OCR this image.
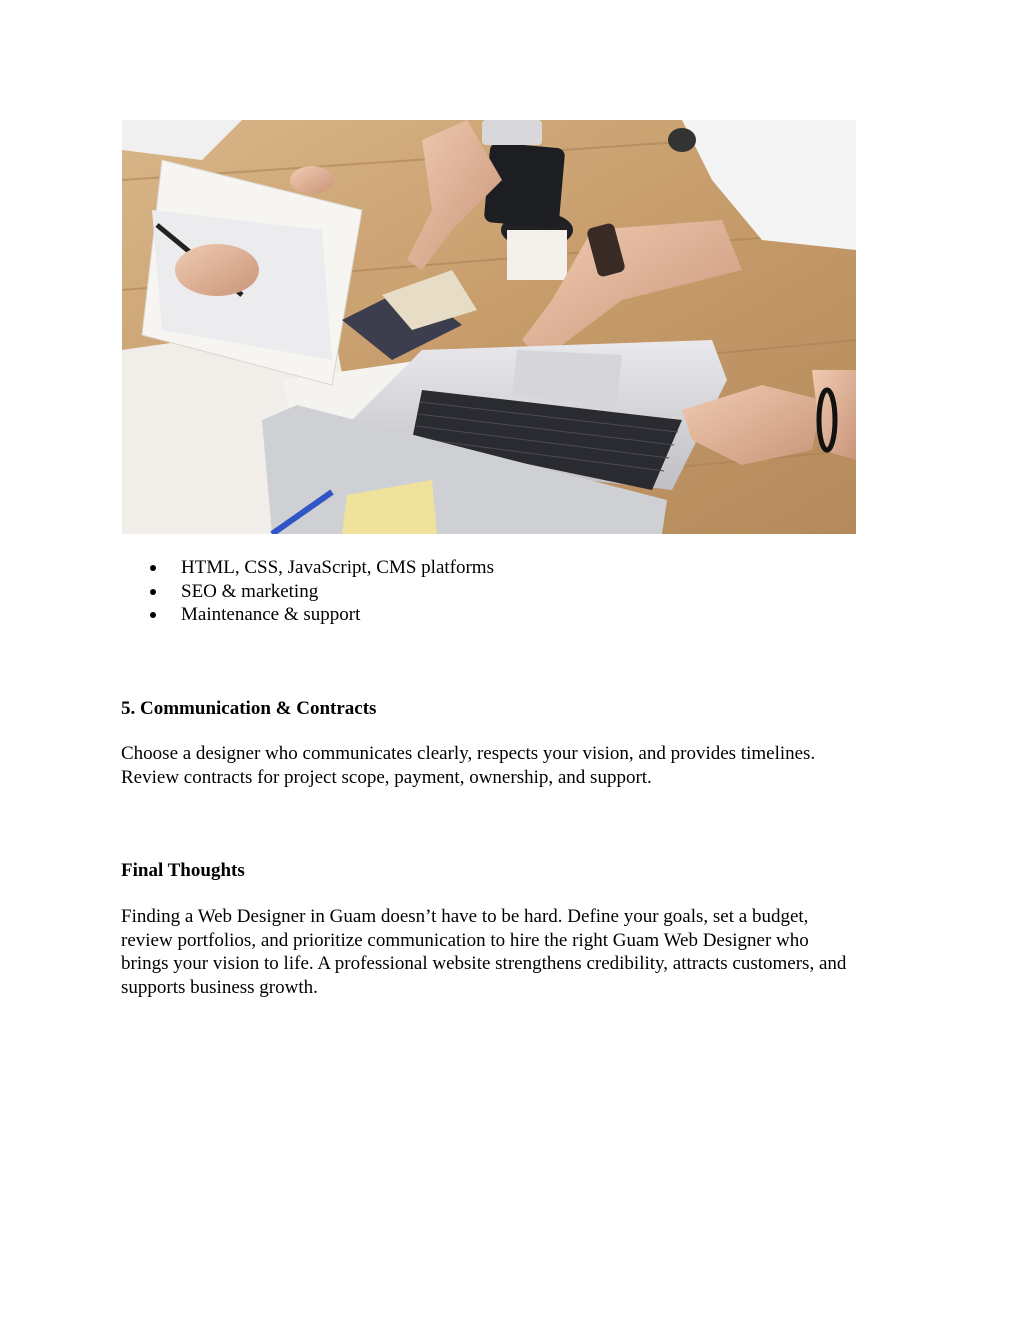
HTML, CSS, JavaScript, CMS platforms
SEO & marketing
Maintenance & support
5. Communication & Contracts

Choose a designer who communicates clearly, respects your vision, and provides timelines.
Review contracts for project scope, payment, ownership, and support.

Final Thoughts

Finding a Web Designer in Guam doesn’t have to be hard. Define your goals, set a budget,
review portfolios, and prioritize communication to hire the right Guam Web Designer who
brings your vision to life. A professional website strengthens credibility, attracts customers, and
supports business growth.
